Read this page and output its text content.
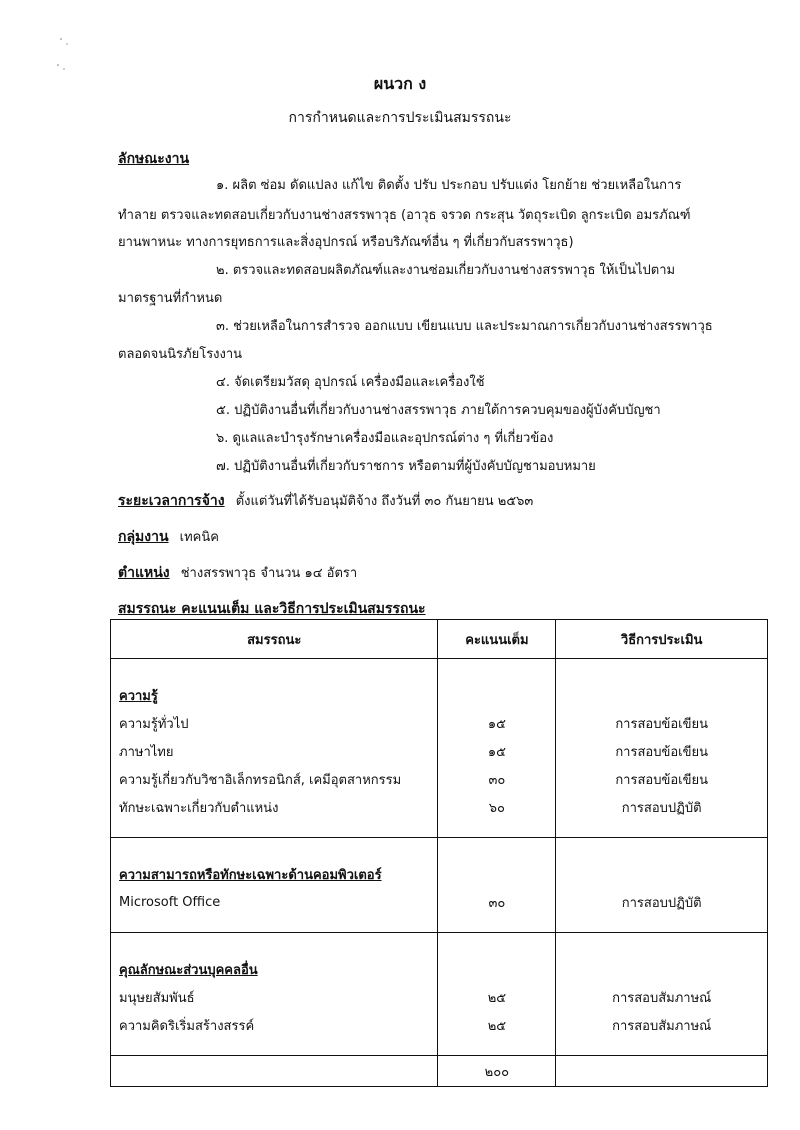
ผนวก ง
การกำหนดและการประเมินสมรรถนะ
ลักษณะงาน
๑. ผลิต ซ่อม ดัดแปลง แก้ไข ติดตั้ง ปรับ ประกอบ ปรับแต่ง โยกย้าย ช่วยเหลือในการ
ทำลาย ตรวจและทดสอบเกี่ยวกับงานช่างสรรพาวุธ (อาวุธ จรวด กระสุน วัตถุระเบิด ลูกระเบิด อมรภัณฑ์
ยานพาหนะ ทางการยุทธการและสิ่งอุปกรณ์ หรือบริภัณฑ์อื่น ๆ ที่เกี่ยวกับสรรพาวุธ)
๒. ตรวจและทดสอบผลิตภัณฑ์และงานซ่อมเกี่ยวกับงานช่างสรรพาวุธ ให้เป็นไปตาม
มาตรฐานที่กำหนด
๓. ช่วยเหลือในการสำรวจ ออกแบบ เขียนแบบ และประมาณการเกี่ยวกับงานช่างสรรพาวุธ
ตลอดจนนิรภัยโรงงาน
๔. จัดเตรียมวัสดุ อุปกรณ์ เครื่องมือและเครื่องใช้
๕. ปฏิบัติงานอื่นที่เกี่ยวกับงานช่างสรรพาวุธ ภายใต้การควบคุมของผู้บังคับบัญชา
๖. ดูแลและบำรุงรักษาเครื่องมือและอุปกรณ์ต่าง ๆ ที่เกี่ยวข้อง
๗. ปฏิบัติงานอื่นที่เกี่ยวกับราชการ หรือตามที่ผู้บังคับบัญชามอบหมาย
ระยะเวลาการจ้าง ตั้งแต่วันที่ได้รับอนุมัติจ้าง ถึงวันที่ ๓๐ กันยายน ๒๕๖๓
กลุ่มงาน เทคนิค
ตำแหน่ง ช่างสรรพาวุธ จำนวน ๑๔ อัตรา
สมรรถนะ คะแนนเต็ม และวิธีการประเมินสมรรถนะ
สมรรถนะ	คะแนนเต็ม	วิธีการประเมิน

ความรู้		
ความรู้ทั่วไป	๑๕	การสอบข้อเขียน
ภาษาไทย	๑๕	การสอบข้อเขียน
ความรู้เกี่ยวกับวิชาอิเล็กทรอนิกส์, เคมีอุตสาหกรรม	๓๐	การสอบข้อเขียน
ทักษะเฉพาะเกี่ยวกับตำแหน่ง	๖๐	การสอบปฏิบัติ

ความสามารถหรือทักษะเฉพาะด้านคอมพิวเตอร์		
Microsoft Office	๓๐	การสอบปฏิบัติ

คุณลักษณะส่วนบุคคลอื่น		
มนุษยสัมพันธ์	๒๕	การสอบสัมภาษณ์
ความคิดริเริ่มสร้างสรรค์	๒๕	การสอบสัมภาษณ์

	๒๐๐	
